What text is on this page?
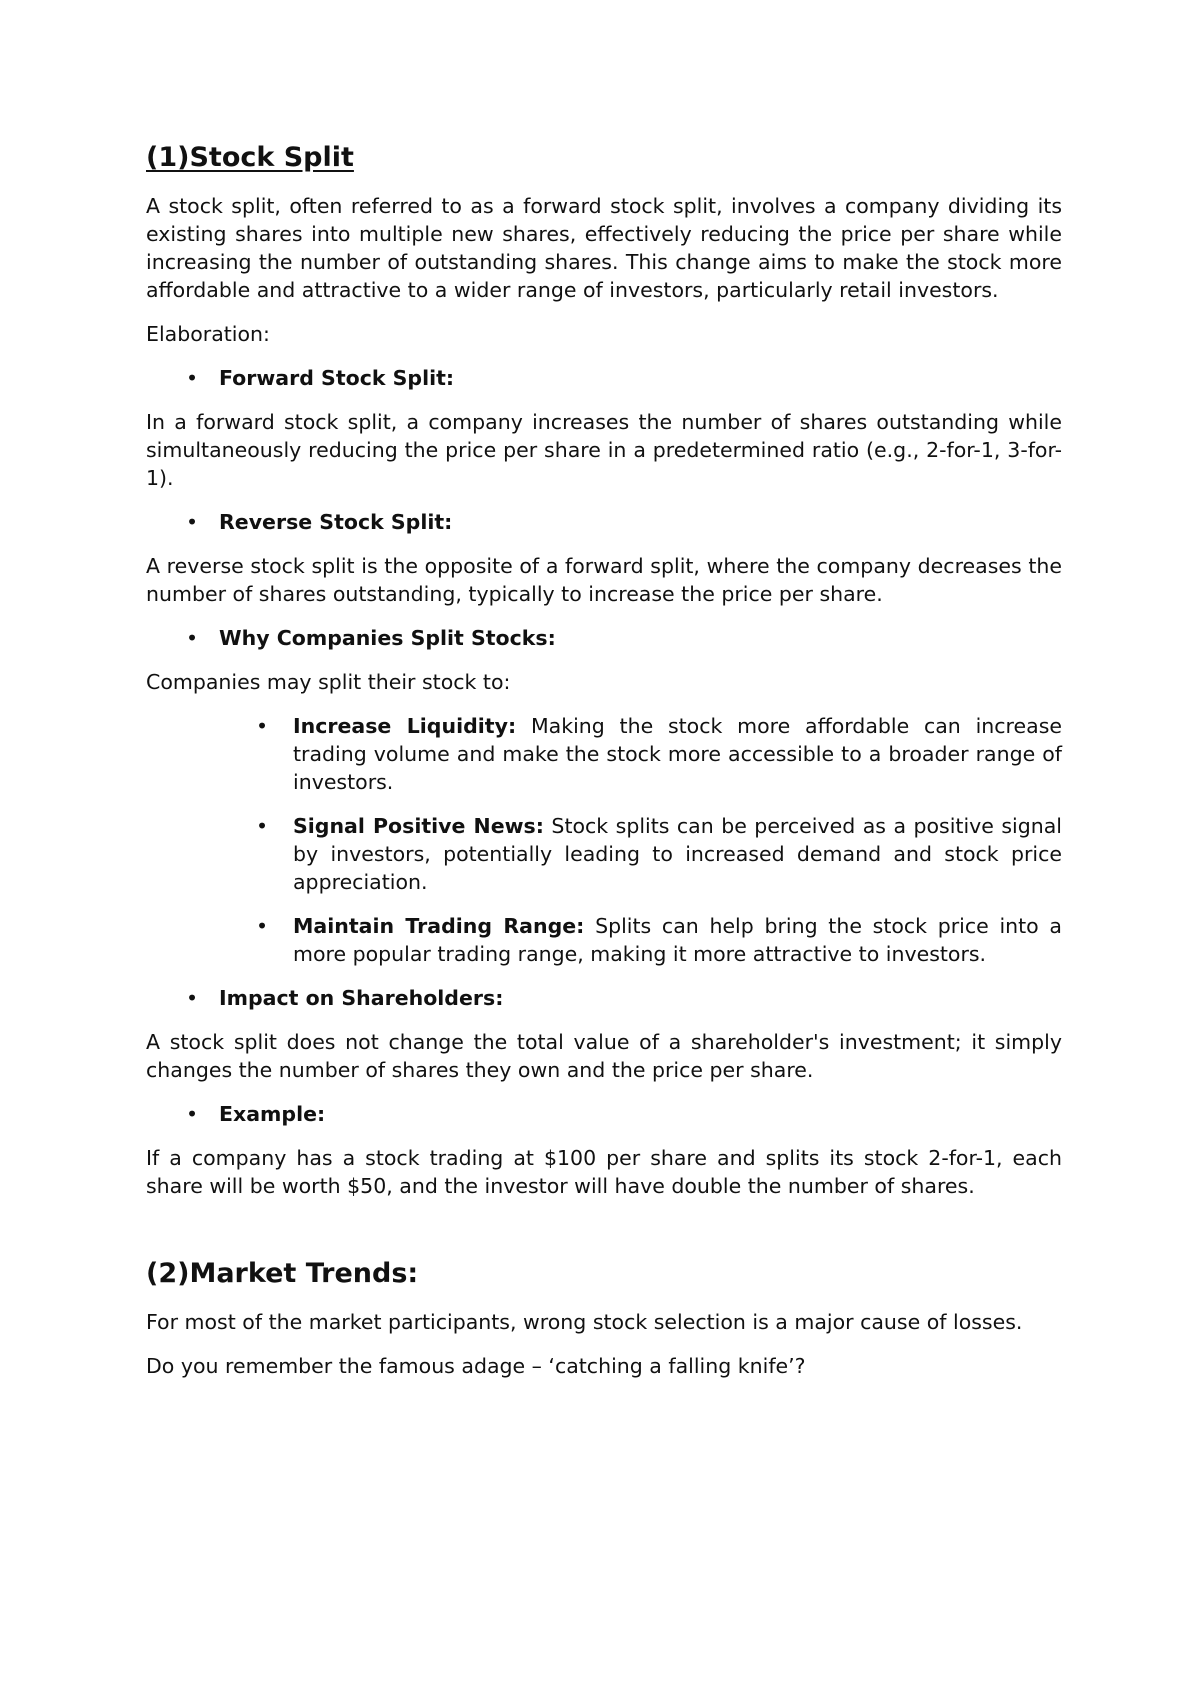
(1)Stock Split

A stock split, often referred to as a forward stock split, involves a company dividing its existing shares into multiple new shares, effectively reducing the price per share while increasing the number of outstanding shares. This change aims to make the stock more affordable and attractive to a wider range of investors, particularly retail investors.

Elaboration:

• Forward Stock Split:

In a forward stock split, a company increases the number of shares outstanding while simultaneously reducing the price per share in a predetermined ratio (e.g., 2-for-1, 3-for-1).

• Reverse Stock Split:

A reverse stock split is the opposite of a forward split, where the company decreases the number of shares outstanding, typically to increase the price per share.

• Why Companies Split Stocks:

Companies may split their stock to:

• Increase Liquidity: Making the stock more affordable can increase trading volume and make the stock more accessible to a broader range of investors.
• Signal Positive News: Stock splits can be perceived as a positive signal by investors, potentially leading to increased demand and stock price appreciation.
• Maintain Trading Range: Splits can help bring the stock price into a more popular trading range, making it more attractive to investors.
• Impact on Shareholders:

A stock split does not change the total value of a shareholder's investment; it simply changes the number of shares they own and the price per share.

• Example:

If a company has a stock trading at $100 per share and splits its stock 2-for-1, each share will be worth $50, and the investor will have double the number of shares.

(2)Market Trends:

For most of the market participants, wrong stock selection is a major cause of losses.

Do you remember the famous adage – ‘catching a falling knife’?
